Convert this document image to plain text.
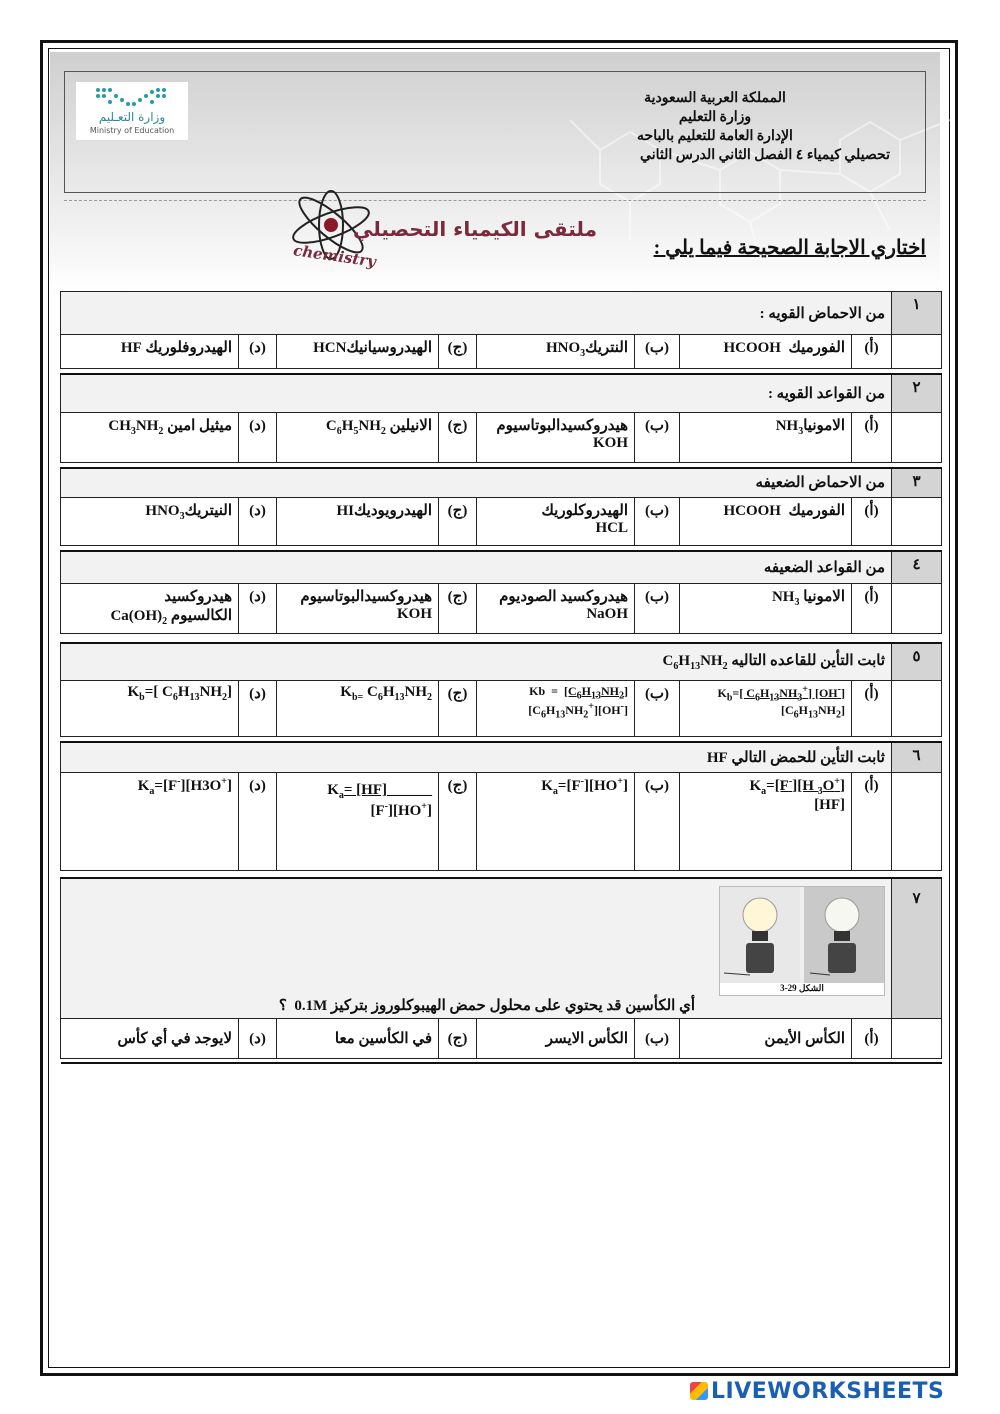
وزارة التعـليم
Ministry of Education
المملكة العربية السعودية
وزارة التعليم
الإدارة العامة للتعليم بالباحه
تحصيلي كيمياء ٤ الفصل الثاني الدرس الثاني
ملتقى الكيمياء التحصيلي
chemistry	اختاري الاجابة الصحيحة فيما يلي :
١	من الاحماض القويه :							
	(أ)	الفورميك  HCOOH	(ب)	النتريكHNO$_3$	(ج)	الهيدروسيانيكHCN	(د)	الهيدروفلوريك HF

٢	من القواعد القويه :							
	(أ)	الامونياNH$_3$	(ب)	هيدروكسيدالبوتاسيوم
KOH	(ج)	الانيلين $C_6H_5NH_2$	(د)	ميثيل امين $CH_3NH_2$

٣	من الاحماض الضعيفه							
	(أ)	الفورميك  HCOOH	(ب)	الهيدروكلوريك
HCL	(ج)	الهيدرويوديكHI	(د)	النيتريكHNO$_3$

٤	من القواعد الضعيفه							
	(أ)	الامونيا $NH_3$	(ب)	هيدروكسيد الصوديوم
NaOH	(ج)	هيدروكسيدالبوتاسيوم
KOH	(د)	هيدروكسيد
الكالسيوم $Ca(OH)_2$

٥	ثابت التأين للقاعده التاليه $C_6H_{13}NH_2$
	(أ)	$K_b=$[ $C_6H_{13}NH_3^+$] [OH-]
$[C_6H_{13}NH_2]$	(ب)	$Kb = [C_6H_{13}NH_2]$
$[C_6H_{13}NH_2^+][OH^-]$	(ج)	$K_{b=}$ $C_6H_{13}NH_2$	(د)	$K_b=$[ $C_6H_{13}NH_2$]

٦	ثابت التأين للحمض التالي HF							
	(أ)	$K_a=[F^-][H$ $_3$O+]
[HF]	(ب)	$K_a=[F^-][HO^+]$	(ج)	$K_a=$ [HF]______
[F-][HO+]	(د)	$K_a=[F^-][H3O^+]$

٧	الشكل 29-3
أي الكأسين قد يحتوي على محلول حمض الهيبوكلوروز بتركيز 0.1M  ؟							

	(أ)	الكأس الأيمن	(ب)	الكأس الايسر	(ج)	في الكأسين معا	(د)	لايوجد في أي كأس

LIVEWORKSHEETS
